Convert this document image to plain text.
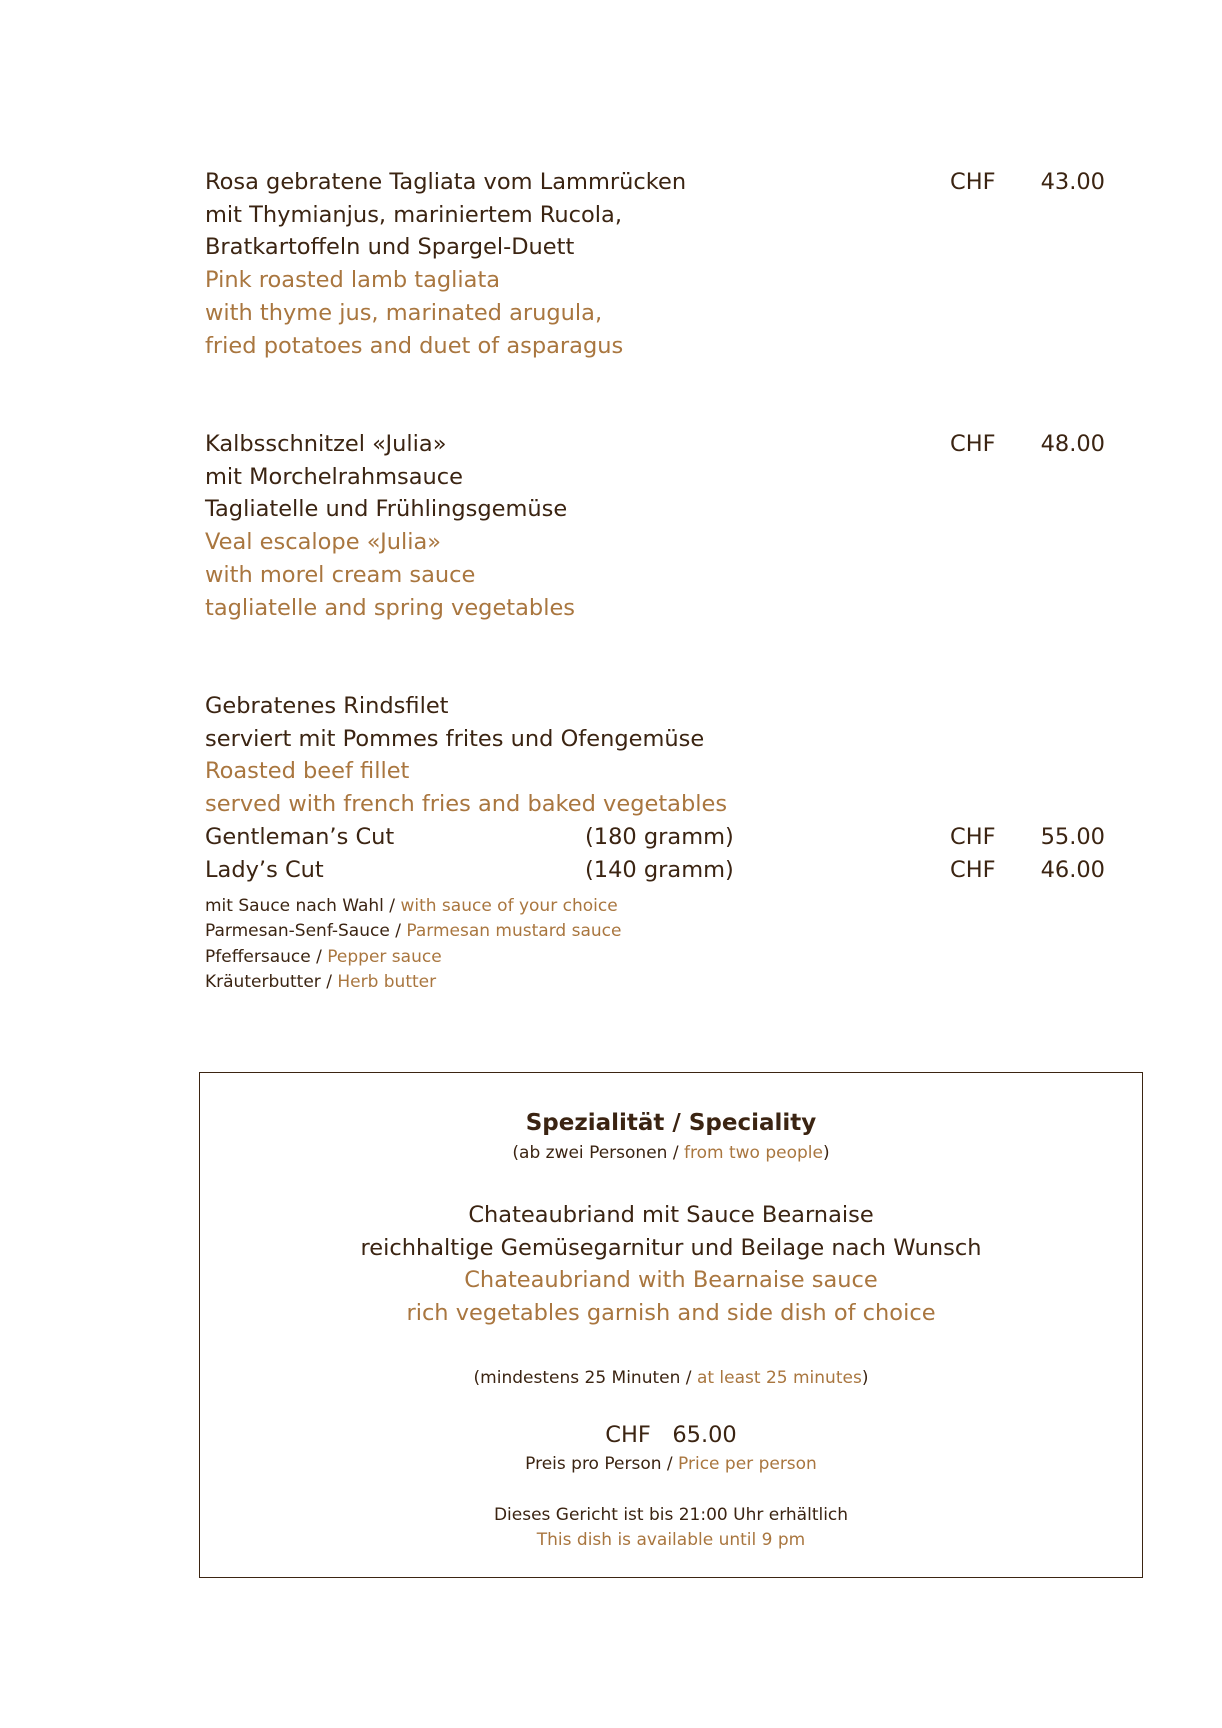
Rosa gebratene Tagliata vom Lammrücken
mit Thymianjus, mariniertem Rucola,
Bratkartoffeln und Spargel-Duett
Pink roasted lamb tagliata
with thyme jus, marinated arugula,
fried potatoes and duet of asparagus
CHF	43.00
Kalbsschnitzel «Julia»
mit Morchelrahmsauce
Tagliatelle und Frühlingsgemüse
Veal escalope «Julia»
with morel cream sauce
tagliatelle and spring vegetables
CHF	48.00
Gebratenes Rindsfilet
serviert mit Pommes frites und Ofengemüse
Roasted beef fillet
served with french fries and baked vegetables
Gentleman’s Cut	(180 gramm)	CHF	55.00
Lady’s Cut	(140 gramm)	CHF	46.00
mit Sauce nach Wahl / with sauce of your choice
Parmesan-Senf-Sauce / Parmesan mustard sauce
Pfeffersauce / Pepper sauce
Kräuterbutter / Herb butter
Spezialität / Speciality
(ab zwei Personen / from two people)
Chateaubriand mit Sauce Bearnaise
reichhaltige Gemüsegarnitur und Beilage nach Wunsch
Chateaubriand with Bearnaise sauce
rich vegetables garnish and side dish of choice
(mindestens 25 Minuten / at least 25 minutes)
CHF 65.00
Preis pro Person / Price per person
Dieses Gericht ist bis 21:00 Uhr erhältlich
This dish is available until 9 pm
